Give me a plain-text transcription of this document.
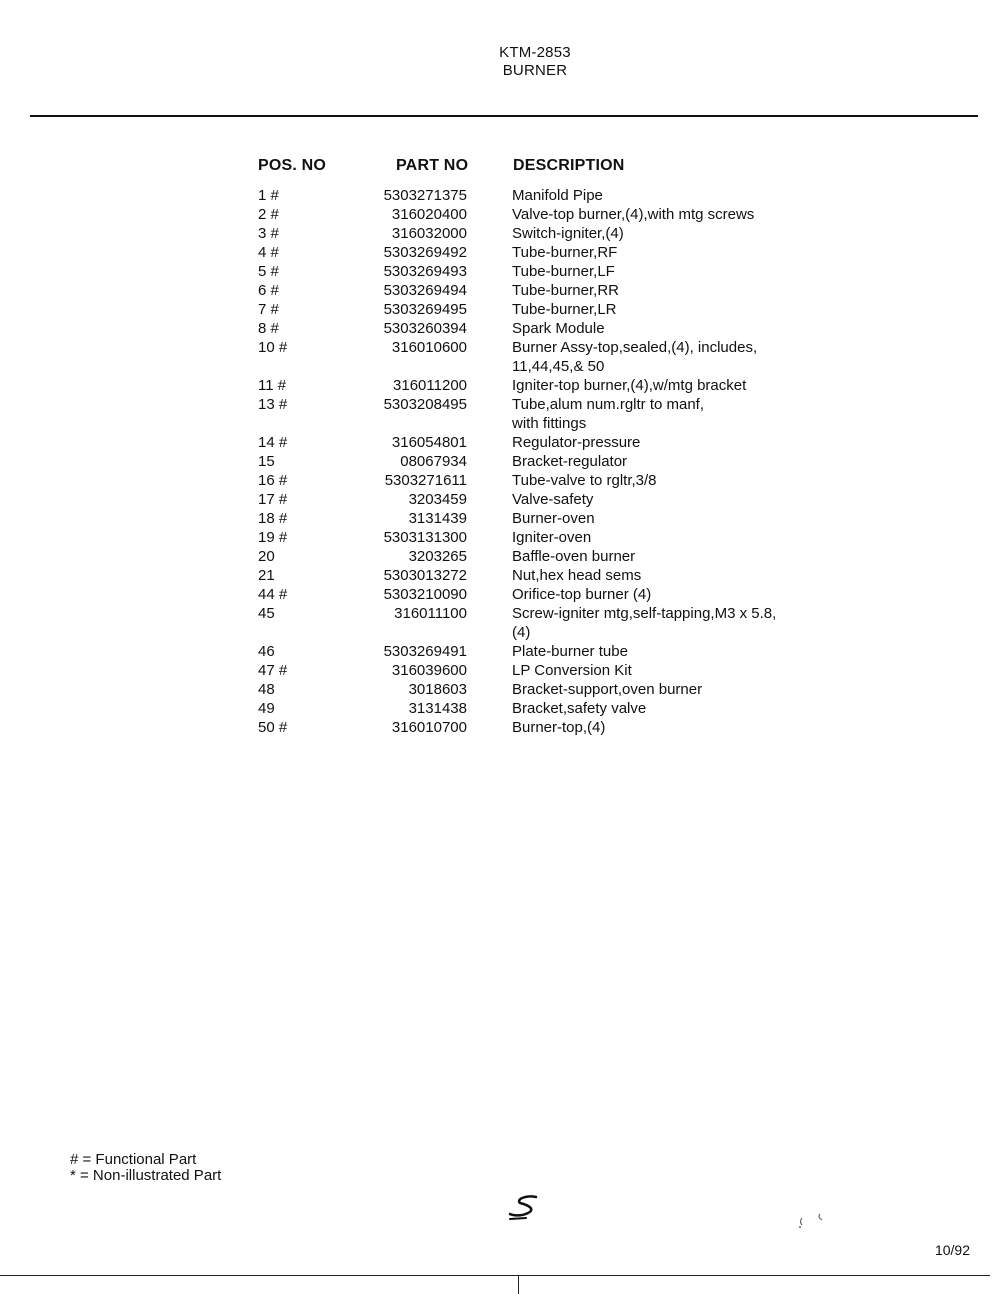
KTM-2853
BURNER
POS. NO	PART NO	DESCRIPTION
1 #	5303271375	Manifold Pipe
2 #	316020400	Valve-top burner,(4),with mtg screws
3 #	316032000	Switch-igniter,(4)
4 #	5303269492	Tube-burner,RF
5 #	5303269493	Tube-burner,LF
6 #	5303269494	Tube-burner,RR
7 #	5303269495	Tube-burner,LR
8 #	5303260394	Spark Module
10 #	316010600	Burner Assy-top,sealed,(4), includes,
11,44,45,& 50
11 #	316011200	Igniter-top burner,(4),w/mtg bracket
13 #	5303208495	Tube,alum num.rgltr to manf,
with fittings
14 #	316054801	Regulator-pressure
15	08067934	Bracket-regulator
16 #	5303271611	Tube-valve to rgltr,3/8
17 #	3203459	Valve-safety
18 #	3131439	Burner-oven
19 #	5303131300	Igniter-oven
20	3203265	Baffle-oven burner
21	5303013272	Nut,hex head sems
44 #	5303210090	Orifice-top burner (4)
45	316011100	Screw-igniter mtg,self-tapping,M3 x 5.8,
(4)
46	5303269491	Plate-burner tube
47 #	316039600	LP Conversion Kit
48	3018603	Bracket-support,oven burner
49	3131438	Bracket,safety valve
50 #	316010700	Burner-top,(4)
# = Functional Part
* = Non-illustrated Part
10/92
